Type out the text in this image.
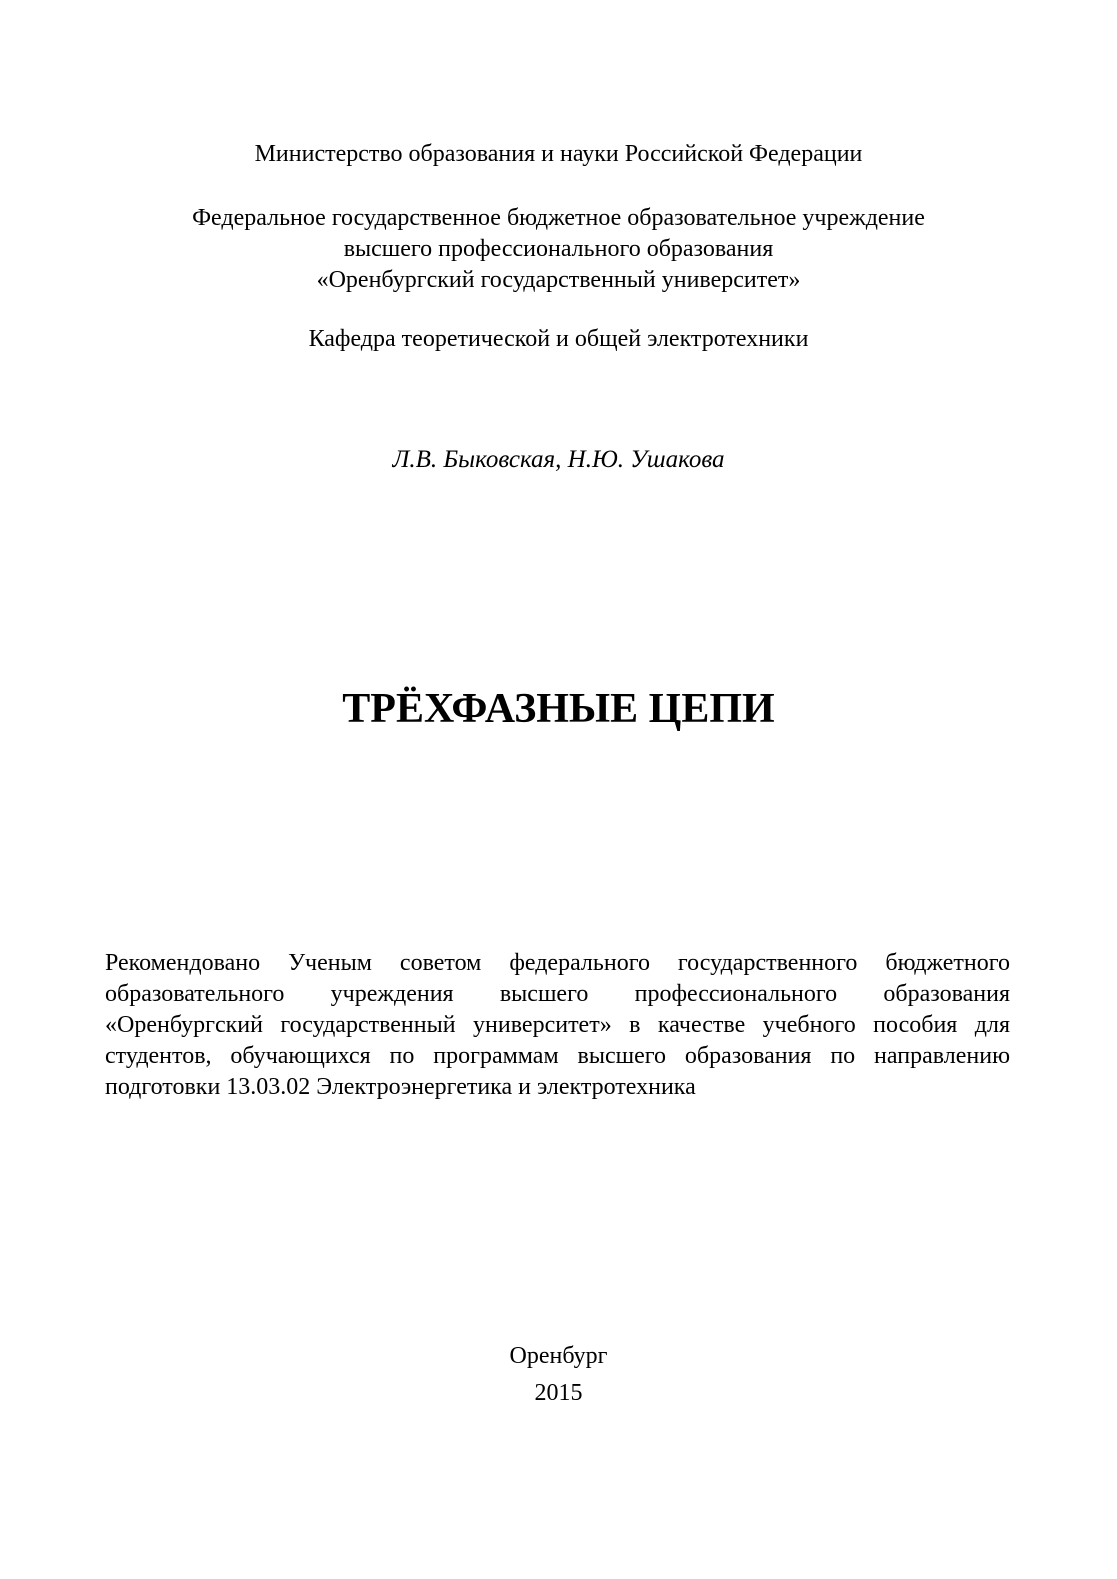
Министерство образования и науки Российской Федерации
Федеральное государственное бюджетное образовательное учреждение
высшего профессионального образования
«Оренбургский государственный университет»
Кафедра теоретической и общей электротехники
Л.В. Быковская, Н.Ю. Ушакова
ТРЁХФАЗНЫЕ ЦЕПИ
Рекомендовано Ученым советом федерального государственного бюджетного
образовательного учреждения высшего профессионального образования
«Оренбургский государственный университет» в качестве учебного пособия для
студентов, обучающихся по программам высшего образования по направлению
подготовки 13.03.02 Электроэнергетика и электротехника
Оренбург
2015
